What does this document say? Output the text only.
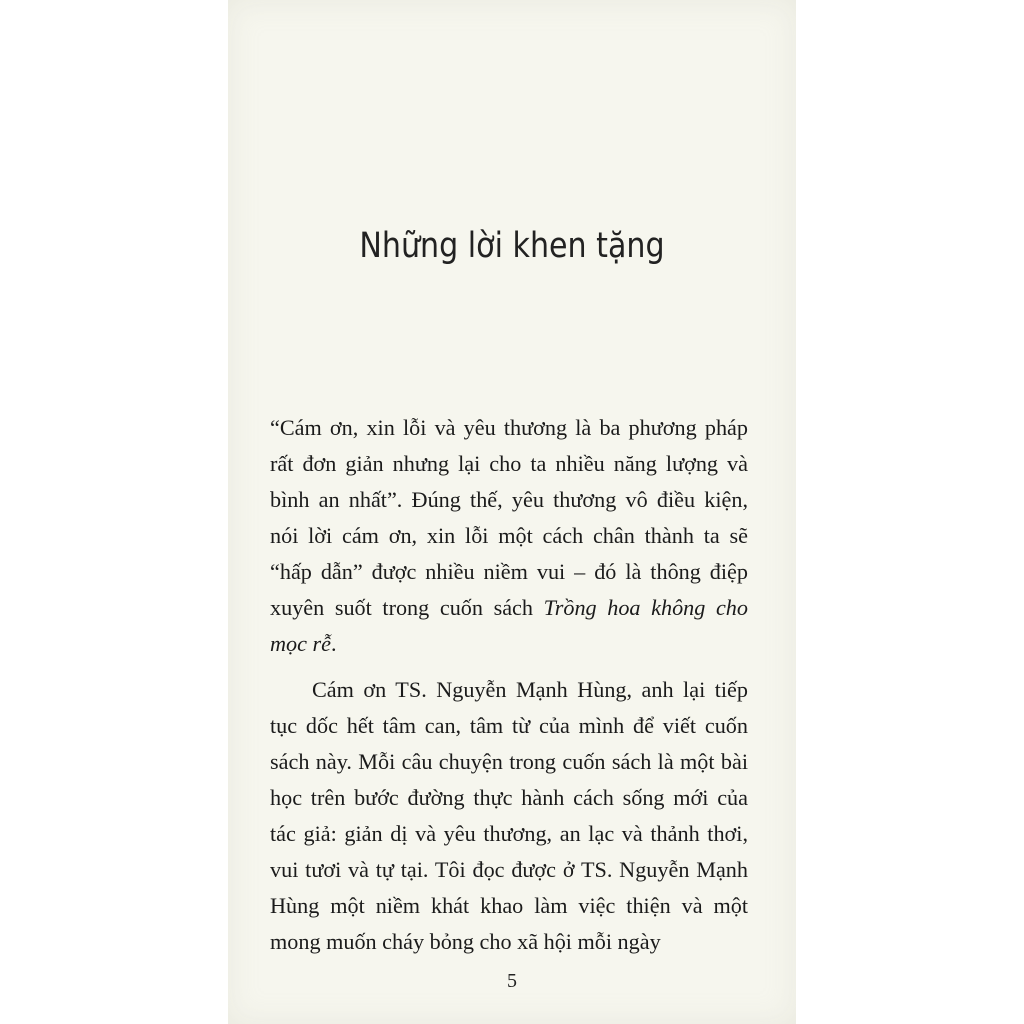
Những lời khen tặng

“Cám ơn, xin lỗi và yêu thương là ba phương pháp rất đơn giản nhưng lại cho ta nhiều năng lượng và bình an nhất”. Đúng thế, yêu thương vô điều kiện, nói lời cám ơn, xin lỗi một cách chân thành ta sẽ “hấp dẫn” được nhiều niềm vui – đó là thông điệp xuyên suốt trong cuốn sách Trồng hoa không cho mọc rễ.

Cám ơn TS. Nguyễn Mạnh Hùng, anh lại tiếp tục dốc hết tâm can, tâm từ của mình để viết cuốn sách này. Mỗi câu chuyện trong cuốn sách là một bài học trên bước đường thực hành cách sống mới của tác giả: giản dị và yêu thương, an lạc và thảnh thơi, vui tươi và tự tại. Tôi đọc được ở TS. Nguyễn Mạnh Hùng một niềm khát khao làm việc thiện và một mong muốn cháy bỏng cho xã hội mỗi ngày

5
